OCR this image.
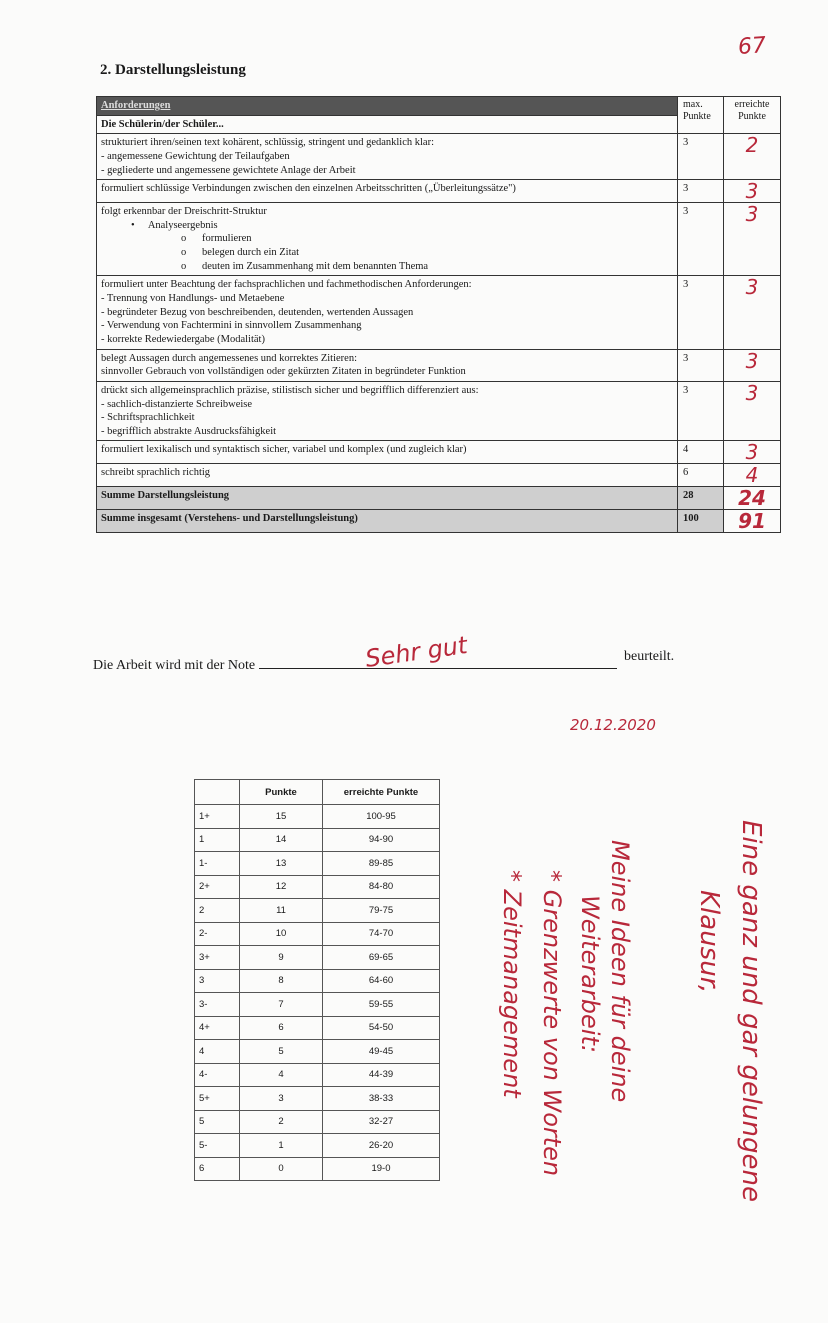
67
2. Darstellungsleistung
Anforderungen	max. Punkte	erreichte Punkte
Die Schülerin/der Schüler...		

strukturiert ihren/seinen text kohärent, schlüssig, stringent und gedanklich klar:
- angemessene Gewichtung der Teilaufgaben
- gegliederte und angemessene gewichtete Anlage der Arbeit	3	2

formuliert schlüssige Verbindungen zwischen den einzelnen Arbeitsschritten („Überleitungssätze")	3	3

folgt erkennbar der Dreischritt-Struktur
•     Analyseergebnis
o      formulieren
o      belegen durch ein Zitat
o      deuten im Zusammenhang mit dem benannten Thema	3	3

formuliert unter Beachtung der fachsprachlichen und fachmethodischen Anforderungen:
- Trennung von Handlungs- und Metaebene
- begründeter Bezug von beschreibenden, deutenden, wertenden Aussagen
- Verwendung von Fachtermini in sinnvollem Zusammenhang
- korrekte Redewiedergabe (Modalität)	3	3

belegt Aussagen durch angemessenes und korrektes Zitieren:
sinnvoller Gebrauch von vollständigen oder gekürzten Zitaten in begründeter Funktion	3	3

drückt sich allgemeinsprachlich präzise, stilistisch sicher und begrifflich differenziert aus:
- sachlich-distanzierte Schreibweise
- Schriftsprachlichkeit
- begrifflich abstrakte Ausdrucksfähigkeit	3	3

formuliert lexikalisch und syntaktisch sicher, variabel und komplex (und zugleich klar)	4	3

schreibt sprachlich richtig	6	4
Summe Darstellungsleistung	28	24
Summe insgesamt (Verstehens- und Darstellungsleistung)	100	91
Die Arbeit wird mit der Note	Sehr gut	beurteilt.
20.12.2020
	Punkte	erreichte Punkte
1+	15	100-95
1	14	94-90
1-	13	89-85
2+	12	84-80
2	11	79-75
2-	10	74-70
3+	9	69-65
3	8	64-60
3-	7	59-55
4+	6	54-50
4	5	49-45
4-	4	44-39
5+	3	38-33
5	2	32-27
5-	1	26-20
6	0	19-0	Eine ganz und gar gelungene
Klausur,
Meine Ideen für deine
Weiterarbeit:
* Grenzwerte von Worten
* Zeitmanagement
